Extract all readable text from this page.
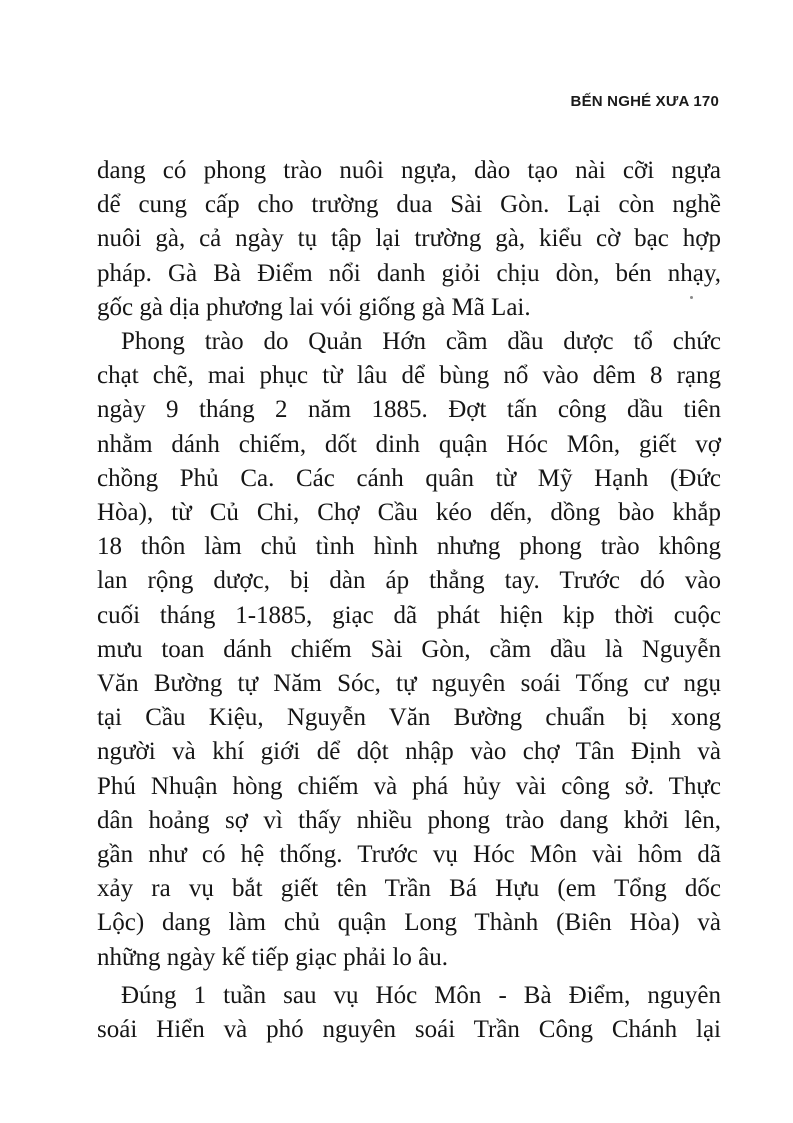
BẾN NGHÉ XƯA 170

dang có phong trào nuôi ngựa, dào tạo nài cỡi ngựa
dể cung cấp cho trường dua Sài Gòn. Lại còn nghề
nuôi gà, cả ngày tụ tập lại trường gà, kiểu cờ bạc hợp
pháp. Gà Bà Điểm nổi danh giỏi chịu dòn, bén nhạy,
gốc gà dịa phương lai vói giống gà Mã Lai.

Phong trào do Quản Hớn cầm dầu dược tổ chức
chạt chẽ, mai phục từ lâu dể bùng nổ vào dêm 8 rạng
ngày 9 tháng 2 năm 1885. Đợt tấn công dầu tiên
nhằm dánh chiếm, dốt dinh quận Hóc Môn, giết vợ
chồng Phủ Ca. Các cánh quân từ Mỹ Hạnh (Đức
Hòa), từ Củ Chi, Chợ Cầu kéo dến, dồng bào khắp
18 thôn làm chủ tình hình nhưng phong trào không
lan rộng dược, bị dàn áp thẳng tay. Trước dó vào
cuối tháng 1-1885, giạc dã phát hiện kịp thời cuộc
mưu toan dánh chiếm Sài Gòn, cầm dầu là Nguyễn
Văn Bường tự Năm Sóc, tự nguyên soái Tống cư ngụ
tại Cầu Kiệu, Nguyễn Văn Bường chuẩn bị xong
người và khí giới dể dột nhập vào chợ Tân Định và
Phú Nhuận hòng chiếm và phá hủy vài công sở. Thực
dân hoảng sợ vì thấy nhiều phong trào dang khởi lên,
gần như có hệ thống. Trước vụ Hóc Môn vài hôm dã
xảy ra vụ bắt giết tên Trần Bá Hựu (em Tổng dốc
Lộc) dang làm chủ quận Long Thành (Biên Hòa) và
những ngày kế tiếp giạc phải lo âu.

Đúng 1 tuần sau vụ Hóc Môn - Bà Điểm, nguyên
soái Hiển và phó nguyên soái Trần Công Chánh lại
